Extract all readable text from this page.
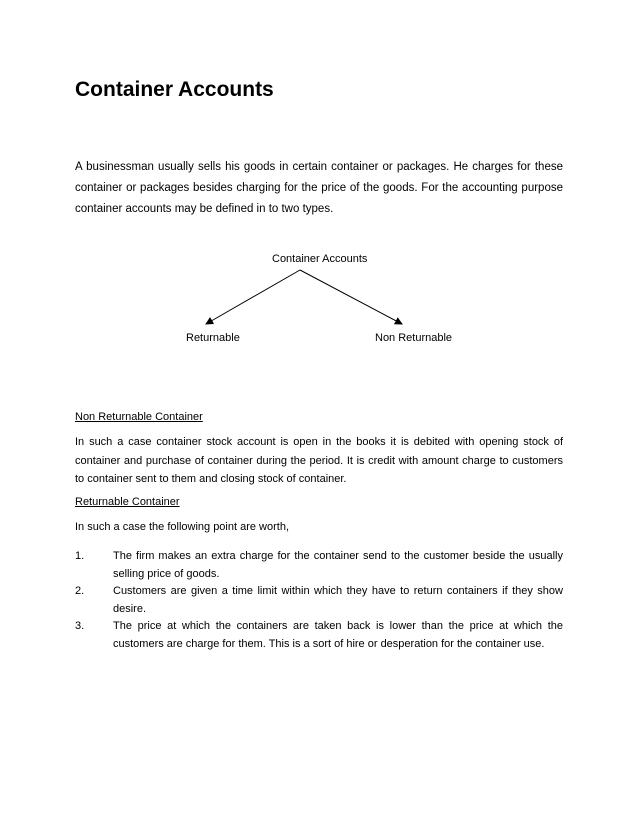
Container Accounts

A businessman usually sells his goods in certain container or packages. He charges for these container or packages besides charging for the price of the goods. For the accounting purpose container accounts may be defined in to two types.

Container Accounts
Returnable	Non Returnable
Non Returnable Container

In such a case container stock account is open in the books it is debited with opening stock of container and purchase of container during the period. It is credit with amount charge to customers to container sent to them and closing stock of container.

Returnable Container

In such a case the following point are worth,

1.	The firm makes an extra charge for the container send to the customer beside the usually selling price of goods.
2.	Customers are given a time limit within which they have to return containers if they show desire.
3.	The price at which the containers are taken back is lower than the price at which the customers are charge for them. This is a sort of hire or desperation for the container use.
